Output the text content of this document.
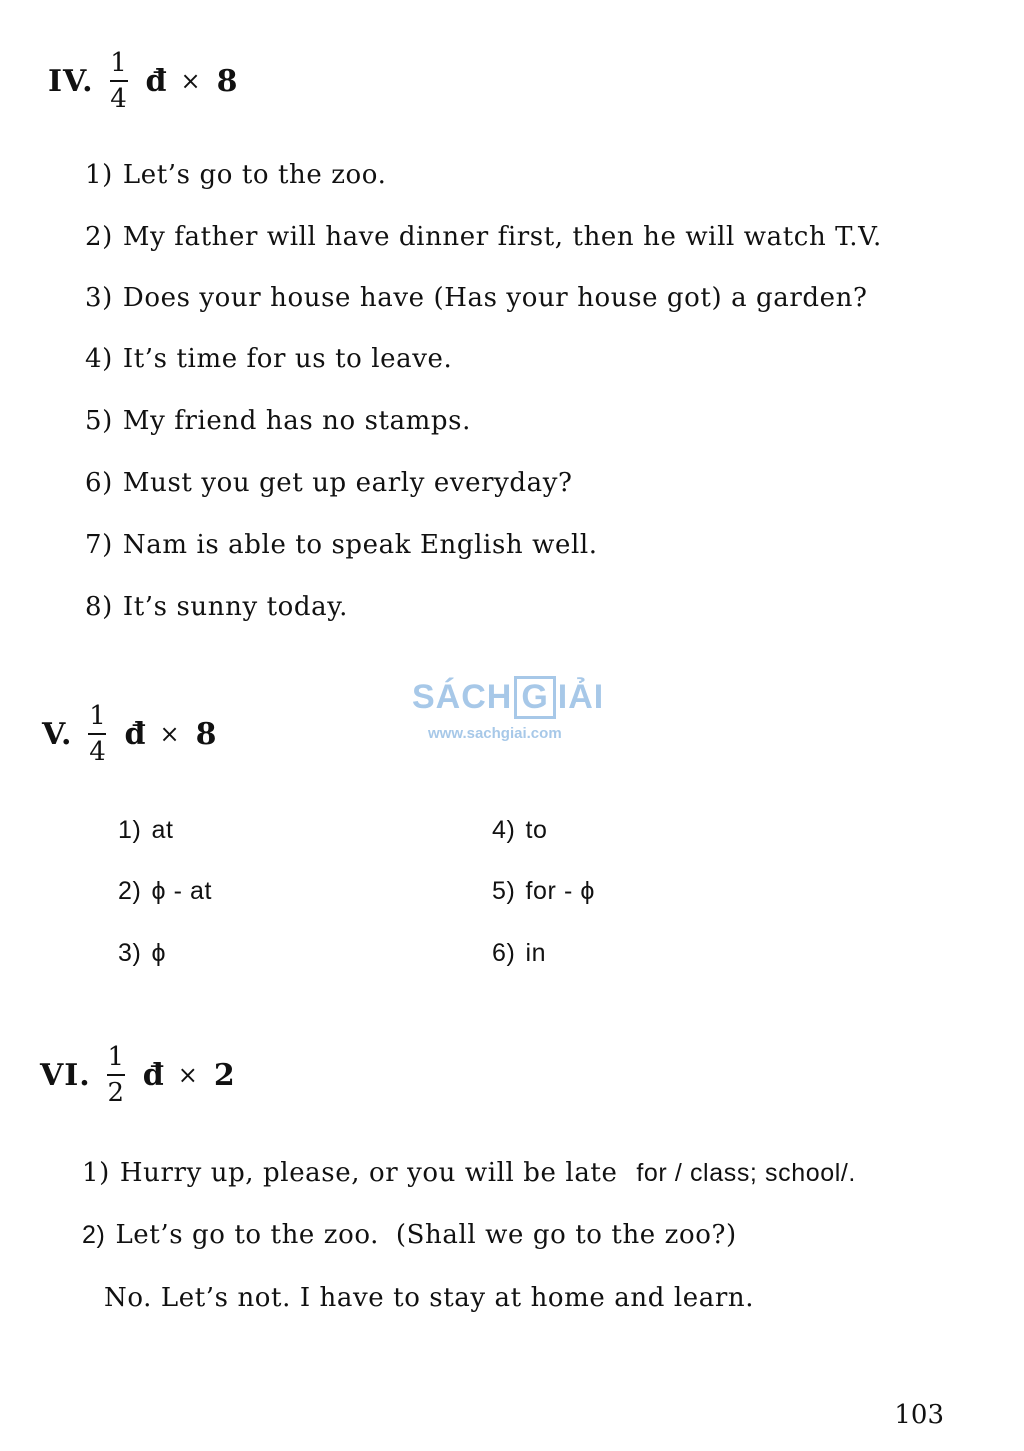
IV. $\frac{1}{4}$ đ × 8
1) Let’s go to the zoo.
2) My father will have dinner first, then he will watch T.V.
3) Does your house have (Has your house got) a garden?
4) It’s time for us to leave.
5) My friend has no stamps.
6) Must you get up early everyday?
7) Nam is able to speak English well.
8) It’s sunny today.
SÁCH G IẢI
www.sachgiai.com
V. $\frac{1}{4}$ đ × 8
1) at
2) ϕ - at
3) ϕ
4) to
5) for - ϕ
6) in
VI. $\frac{1}{2}$ đ × 2
1) Hurry up, please, or you will be late for / class; school/.
2) Let’s go to the zoo. (Shall we go to the zoo?)
No. Let’s not. I have to stay at home and learn.
103
